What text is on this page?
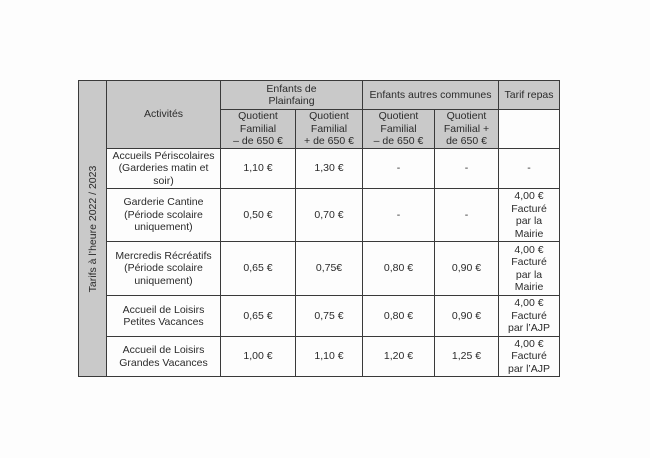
Tarifs à l’heure 2022 / 2023	Activités	Enfants de
Plainfaing		Enfants autres communes		Tarif repas
		Quotient
Familial
– de 650 €	Quotient
Familial
+ de 650 €	Quotient
Familial
– de 650 €	Quotient
Familial +
de 650 €	
	Accueils Périscolaires
(Garderies matin et
soir)	1,10 €	1,30 €	-	-	-
	Garderie Cantine
(Période scolaire
uniquement)	0,50 €	0,70 €	-	-	4,00 €
Facturé
par la
Mairie
	Mercredis Récréatifs
(Période scolaire
uniquement)	0,65 €	0,75€	0,80 €	0,90 €	4,00 €
Facturé
par la
Mairie
	Accueil de Loisirs
Petites Vacances	0,65 €	0,75 €	0,80 €	0,90 €	4,00 €
Facturé
par l’AJP
	Accueil de Loisirs
Grandes Vacances	1,00 €	1,10 €	1,20 €	1,25 €	4,00 €
Facturé
par l’AJP
